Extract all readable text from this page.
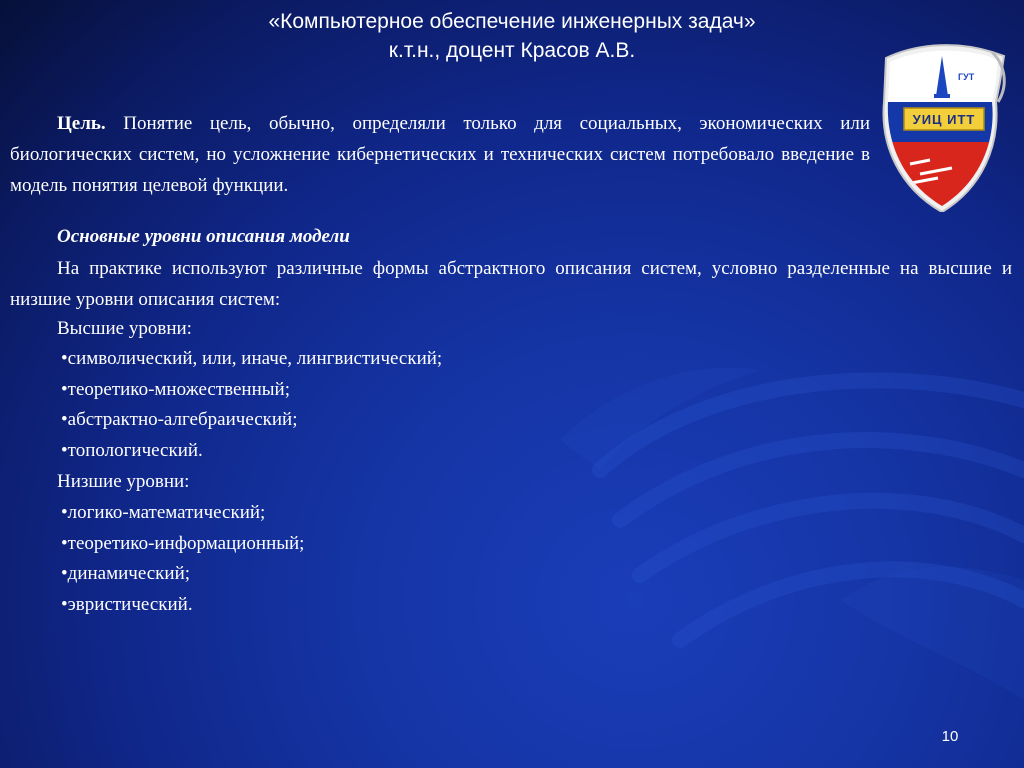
«Компьютерное обеспечение инженерных задач»
к.т.н., доцент Красов А.В.
ГУТ
УИЦ ИТТ

Цель. Понятие цель, обычно, определяли только для социальных, экономических или биологических систем, но усложнение кибернетических и технических систем потребовало введение в модель понятия целевой функции.

Основные уровни описания модели

На практике используют различные формы абстрактного описания систем, условно разделенные на высшие и низшие уровни описания систем:

Высшие уровни:
•символический, или, иначе, лингвистический;
•теоретико-множественный;
•абстрактно-алгебраический;
•топологический.
Низшие уровни:
•логико-математический;
•теоретико-информационный;
•динамический;
•эвристический.
10
